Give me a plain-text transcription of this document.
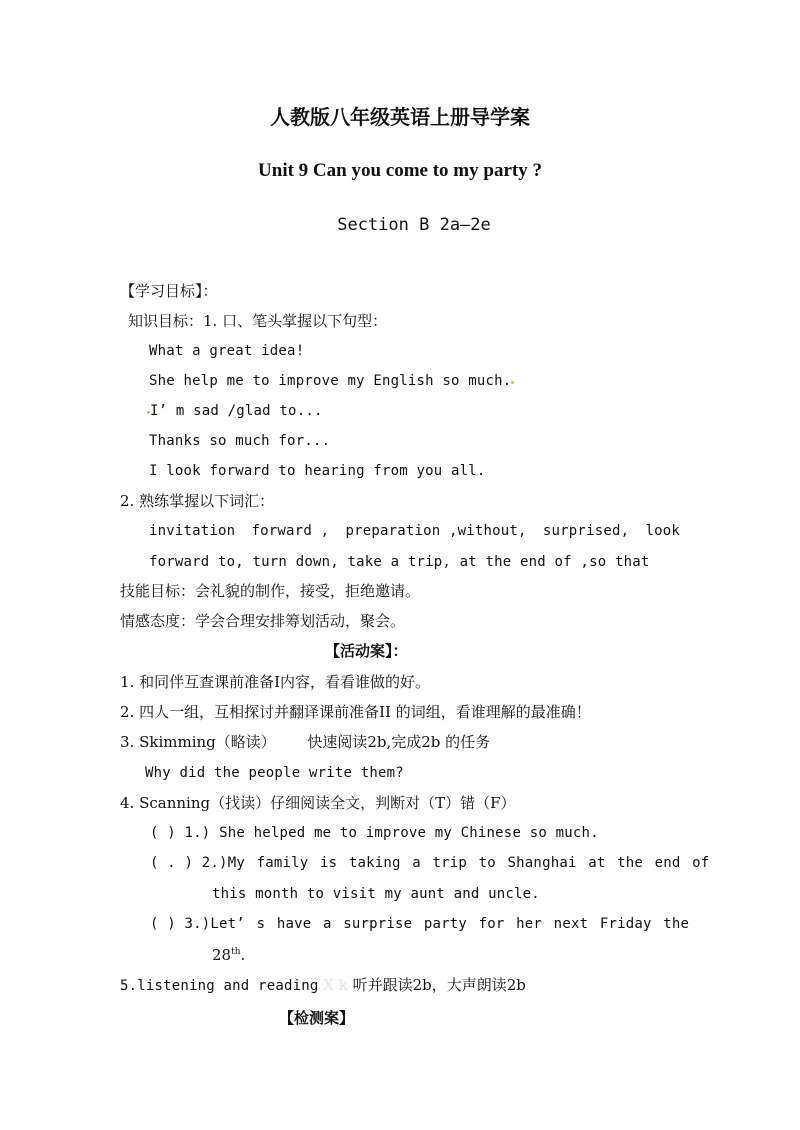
人教版八年级英语上册导学案
Unit 9 Can you come to my party ?
Section B 2a—2e
【学习目标】：
知识目标：1. 口、笔头掌握以下句型：
What a great idea!
She help me to improve my English so much.
I’ m sad /glad to...
Thanks so much for...
I look forward to hearing from you all.
2. 熟练掌握以下词汇：
invitation forward , preparation ,without, surprised, look
forward to, turn down, take a trip, at the end of ,so that
技能目标：会礼貌的制作，接受，拒绝邀请。
情感态度：学会合理安排筹划活动，聚会。
【活动案】：
1. 和同伴互查课前准备I内容，看看谁做的好。
2. 四人一组，互相探讨并翻译课前准备II 的词组，看谁理解的最准确！
3. Skimming（略读） 快速阅读2b,完成2b 的任务
Why did the people write them?
4. Scanning（找读）仔细阅读全文，判断对（T）错（F）
( ) 1.) She helped me to improve my Chinese so much.
( . ) 2.) My family is taking a trip to Shanghai at the end of
this month to visit my aunt and uncle.
( ) 3.) Let’ s have a surprise party for her next Friday the
28th.
5.listening and reading X k 听并跟读2b，大声朗读2b
【检测案】
